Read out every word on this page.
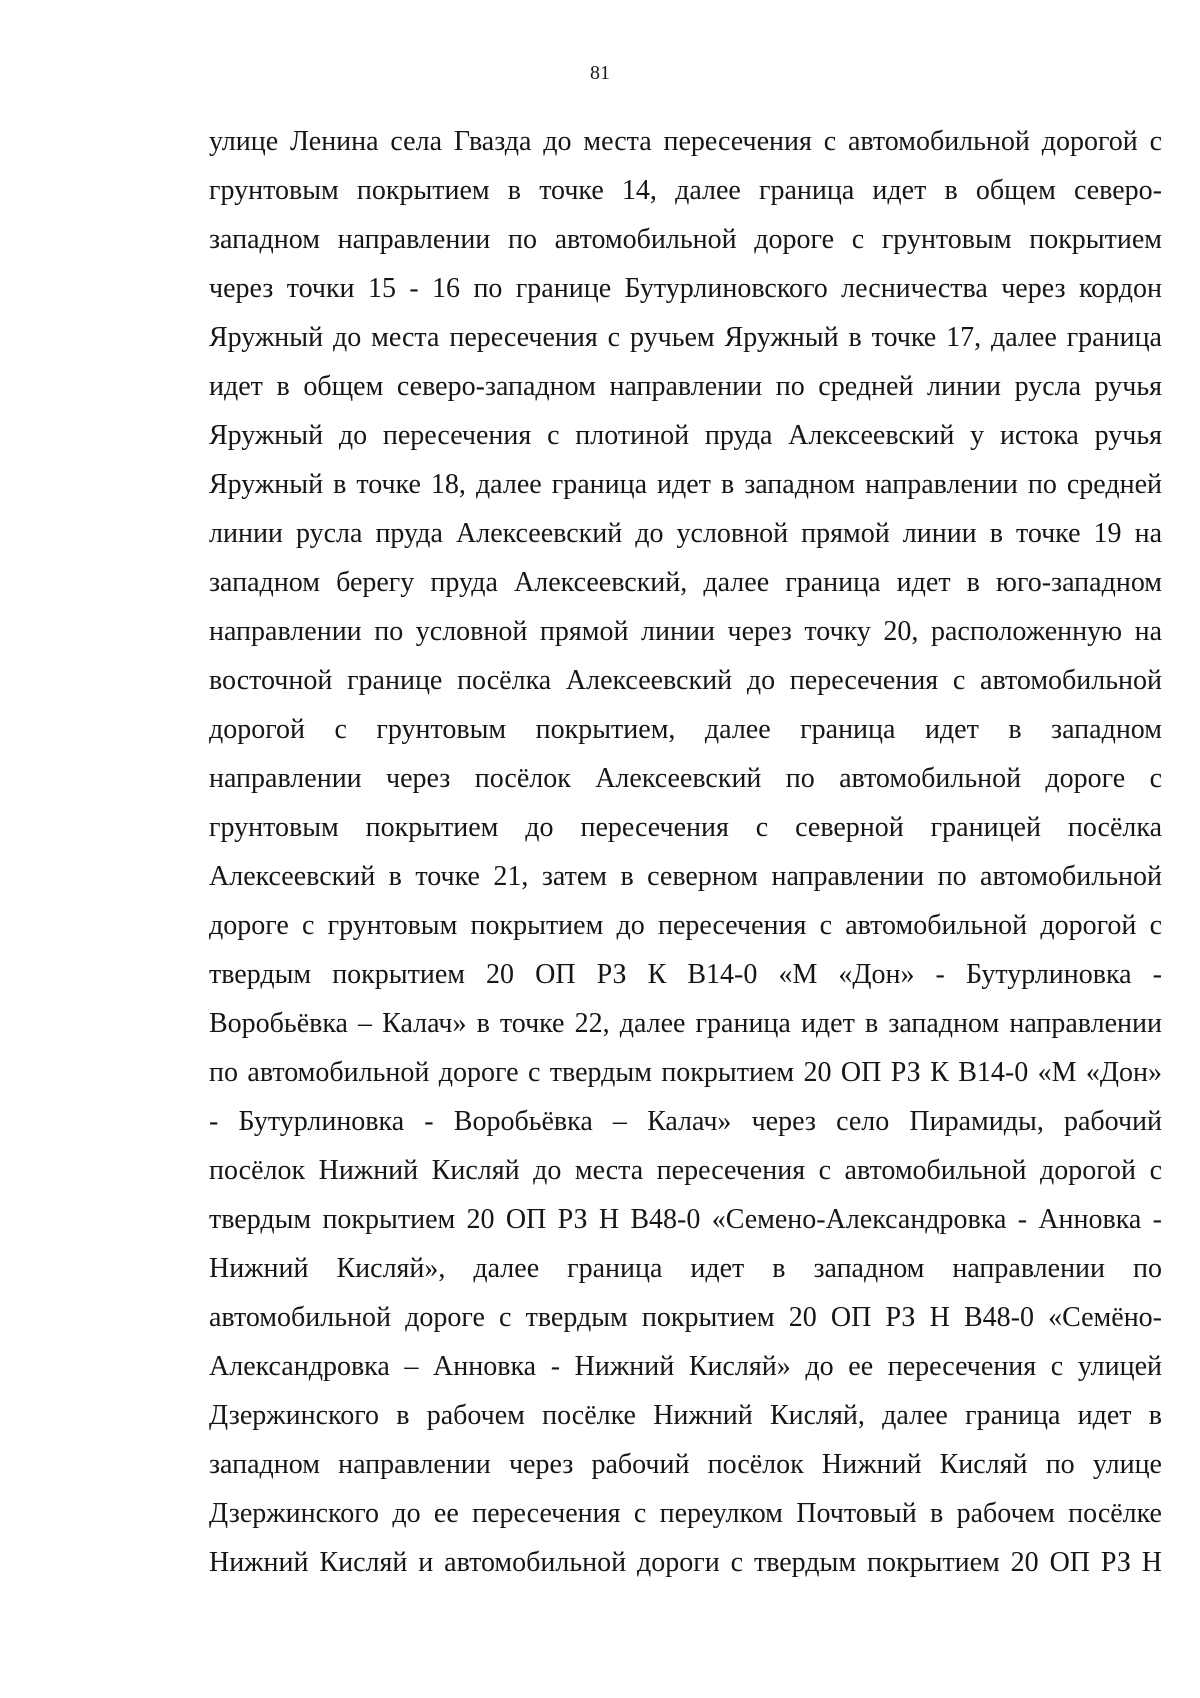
81
улице Ленина села Гвазда до места пересечения с автомобильной дорогой с
грунтовым покрытием в точке 14, далее граница идет в общем северо-
западном направлении по автомобильной дороге с грунтовым покрытием
через точки 15 - 16 по границе Бутурлиновского лесничества через кордон
Яружный до места пересечения с ручьем Яружный в точке 17, далее граница
идет в общем северо-западном направлении по средней линии русла ручья
Яружный до пересечения с плотиной пруда Алексеевский у истока ручья
Яружный в точке 18, далее граница идет в западном направлении по средней
линии русла пруда Алексеевский до условной прямой линии в точке 19 на
западном берегу пруда Алексеевский, далее граница идет в юго-западном
направлении по условной прямой линии через точку 20, расположенную на
восточной границе посёлка Алексеевский до пересечения с автомобильной
дорогой с грунтовым покрытием, далее граница идет в западном
направлении через посёлок Алексеевский по автомобильной дороге с
грунтовым покрытием до пересечения с северной границей посёлка
Алексеевский в точке 21, затем в северном направлении по автомобильной
дороге с грунтовым покрытием до пересечения с автомобильной дорогой с
твердым покрытием 20 ОП РЗ К В14-0 «М «Дон» - Бутурлиновка -
Воробьёвка – Калач» в точке 22, далее граница идет в западном направлении
по автомобильной дороге с твердым покрытием 20 ОП РЗ К В14-0 «М «Дон»
- Бутурлиновка - Воробьёвка – Калач» через село Пирамиды, рабочий
посёлок Нижний Кисляй до места пересечения с автомобильной дорогой с
твердым покрытием 20 ОП РЗ Н В48-0 «Семено-Александровка - Анновка -
Нижний Кисляй», далее граница идет в западном направлении по
автомобильной дороге с твердым покрытием 20 ОП РЗ Н В48-0 «Семёно-
Александровка – Анновка - Нижний Кисляй» до ее пересечения с улицей
Дзержинского в рабочем посёлке Нижний Кисляй, далее граница идет в
западном направлении через рабочий посёлок Нижний Кисляй по улице
Дзержинского до ее пересечения с переулком Почтовый в рабочем посёлке
Нижний Кисляй и автомобильной дороги с твердым покрытием 20 ОП РЗ Н
